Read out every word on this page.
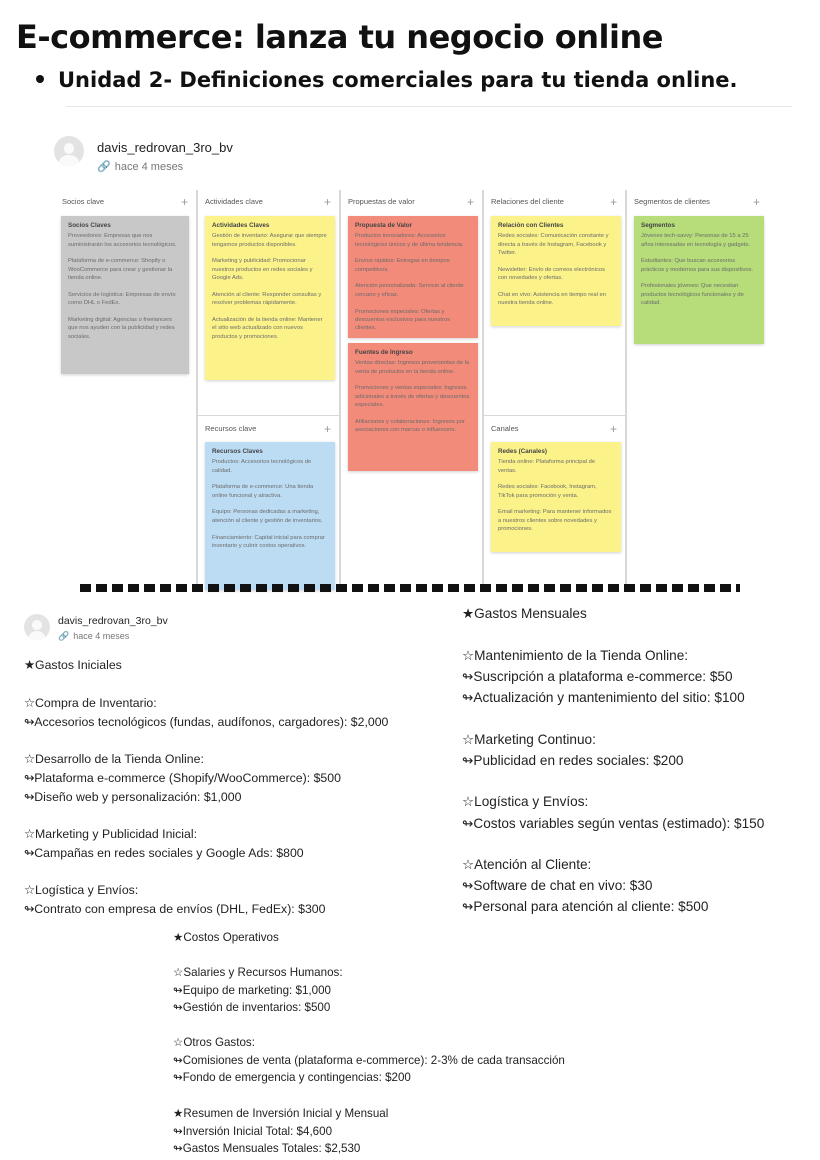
E-commerce: lanza tu negocio online
Unidad 2- Definiciones comerciales para tu tienda online.
davis_redrovan_3ro_bv
🔗 hace 4 meses
Socios clave	+ Actividades clave	+ Propuestas de valor	+ Relaciones del cliente	+ Segmentos de clientes	+
Recursos clave	+	Canales	+
Socios Claves
Proveedores: Empresas que nos suministrarán los accesorios tecnológicos.

Plataforma de e-commerce: Shopify o WooCommerce para crear y gestionar la tienda online.

Servicios de logística: Empresas de envío como DHL o FedEx.

Marketing digital: Agencias o freelancers que nos ayuden con la publicidad y redes sociales.
Actividades Claves
Gestión de inventario: Asegurar que siempre tengamos productos disponibles.

Marketing y publicidad: Promocionar nuestros productos en redes sociales y Google Ads.

Atención al cliente: Responder consultas y resolver problemas rápidamente.

Actualización de la tienda online: Mantener el sitio web actualizado con nuevos productos y promociones.
Recursos Claves
Productos: Accesorios tecnológicos de calidad.

Plataforma de e-commerce: Una tienda online funcional y atractiva.

Equipo: Personas dedicadas a marketing, atención al cliente y gestión de inventarios.

Financiamiento: Capital inicial para comprar inventario y cubrir costos operativos.
Propuesta de Valor
Productos innovadores: Accesorios tecnológicos únicos y de última tendencia.

Envíos rápidos: Entregas en tiempos competitivos.

Atención personalizada: Servicio al cliente cercano y eficaz.

Promociones especiales: Ofertas y descuentos exclusivos para nuestros clientes.
Fuentes de Ingreso
Ventas directas: Ingresos provenientes de la venta de productos en la tienda online.

Promociones y ventas especiales: Ingresos adicionales a través de ofertas y descuentos especiales.

Afiliaciones y colaboraciones: Ingresos por asociaciones con marcas o influencers.
Relación con Clientes
Redes sociales: Comunicación constante y directa a través de Instagram, Facebook y Twitter.

Newsletter: Envío de correos electrónicos con novedades y ofertas.

Chat en vivo: Asistencia en tiempo real en nuestra tienda online.
Redes (Canales)
Tienda online: Plataforma principal de ventas.

Redes sociales: Facebook, Instagram, TikTok para promoción y venta.

Email marketing: Para mantener informados a nuestros clientes sobre novedades y promociones.
Segmentos
Jóvenes tech-savvy: Personas de 15 a 25 años interesadas en tecnología y gadgets.

Estudiantes: Que buscan accesorios prácticos y modernos para sus dispositivos.

Profesionales jóvenes: Que necesitan productos tecnológicos funcionales y de calidad.
davis_redrovan_3ro_bv
🔗 hace 4 meses
★Gastos Iniciales
☆Compra de Inventario:
↬Accesorios tecnológicos (fundas, audífonos, cargadores): $2,000
☆Desarrollo de la Tienda Online:
↬Plataforma e-commerce (Shopify/WooCommerce): $500
↬Diseño web y personalización: $1,000
☆Marketing y Publicidad Inicial:
↬Campañas en redes sociales y Google Ads: $800
☆Logística y Envíos:
↬Contrato con empresa de envíos (DHL, FedEx): $300
★Gastos Mensuales
☆Mantenimiento de la Tienda Online:
↬Suscripción a plataforma e-commerce: $50
↬Actualización y mantenimiento del sitio: $100
☆Marketing Continuo:
↬Publicidad en redes sociales: $200
☆Logística y Envíos:
↬Costos variables según ventas (estimado): $150
☆Atención al Cliente:
↬Software de chat en vivo: $30
↬Personal para atención al cliente: $500
★Costos Operativos
☆Salaries y Recursos Humanos:
↬Equipo de marketing: $1,000
↬Gestión de inventarios: $500
☆Otros Gastos:
↬Comisiones de venta (plataforma e-commerce): 2-3% de cada transacción
↬Fondo de emergencia y contingencias: $200
★Resumen de Inversión Inicial y Mensual
↬Inversión Inicial Total: $4,600
↬Gastos Mensuales Totales: $2,530
